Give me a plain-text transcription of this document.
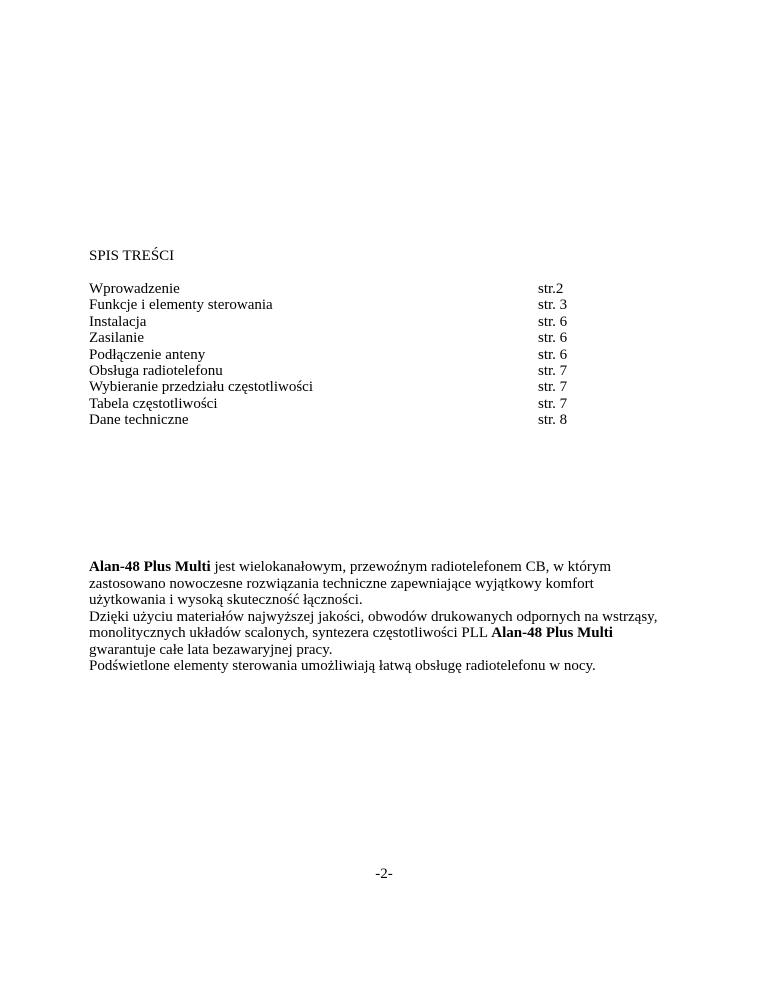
SPIS TREŚCI
Wprowadzenie	str.2
Funkcje i elementy sterowania	str. 3
Instalacja	str. 6
Zasilanie	str. 6
Podłączenie anteny	str. 6
Obsługa radiotelefonu	str. 7
Wybieranie przedziału częstotliwości	str. 7
Tabela częstotliwości	str. 7
Dane techniczne	str. 8

Alan-48 Plus Multi jest wielokanałowym, przewoźnym radiotelefonem CB, w którym zastosowano nowoczesne rozwiązania techniczne zapewniające wyjątkowy komfort użytkowania i wysoką skuteczność łączności.

Dzięki użyciu materiałów najwyższej jakości, obwodów drukowanych odpornych na wstrząsy, monolitycznych układów scalonych, syntezera częstotliwości PLL Alan-48 Plus Multi gwarantuje całe lata bezawaryjnej pracy.

Podświetlone elementy sterowania umożliwiają łatwą obsługę radiotelefonu w nocy.

-2-
